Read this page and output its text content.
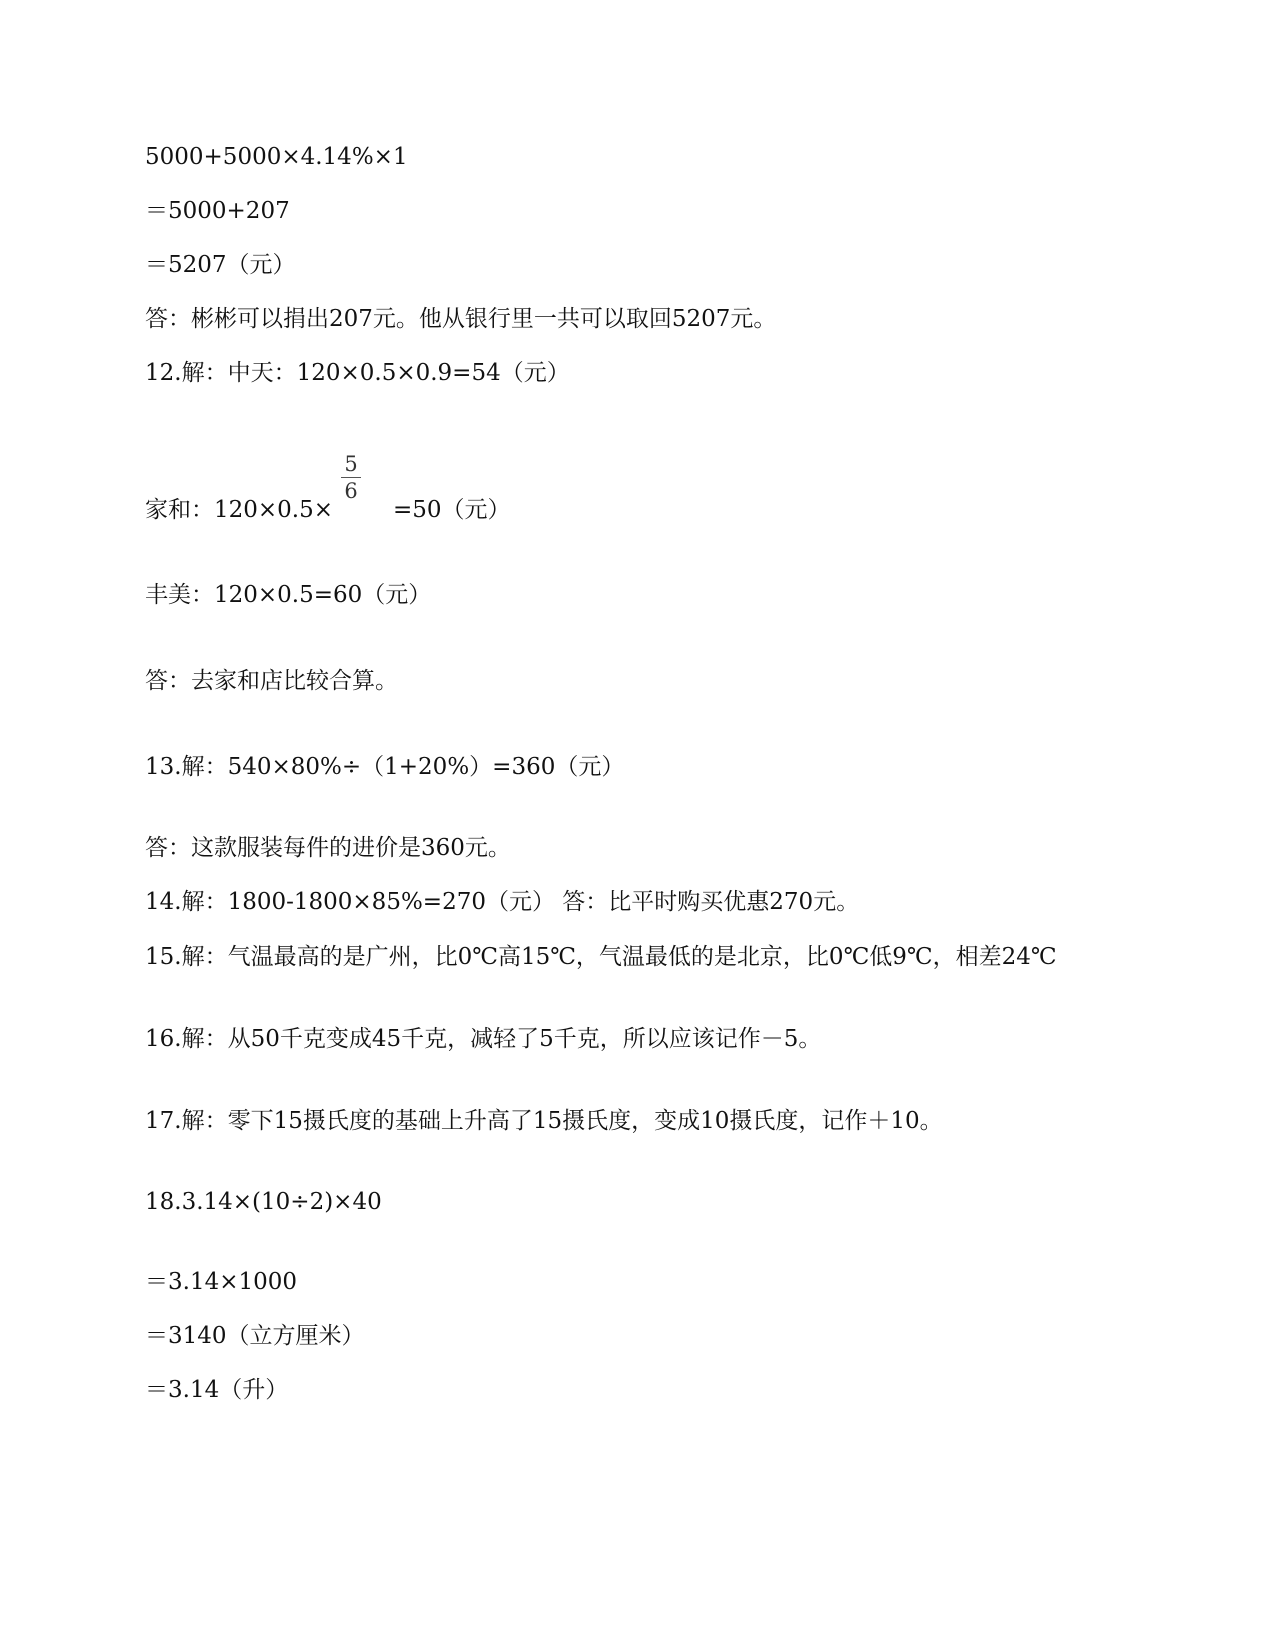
5000+5000×4.14%×1
＝5000+207
＝5207（元）
答：彬彬可以捐出207元。他从银行里一共可以取回5207元。
12.解：中天：120×0.5×0.9=54（元）
家和：120×0.5×
5
6
=50（元）
丰美：120×0.5=60（元）
答：去家和店比较合算。
13.解：540×80%÷（1+20%）=360（元）
答：这款服装每件的进价是360元。
14.解：1800-1800×85%=270（元） 答：比平时购买优惠270元。
15.解：气温最高的是广州，比0℃高15℃，气温最低的是北京，比0℃低9℃，相差24℃
16.解：从50千克变成45千克，减轻了5千克，所以应该记作－5。
17.解：零下15摄氏度的基础上升高了15摄氏度，变成10摄氏度，记作＋10。
18.3.14×(10÷2)×40
＝3.14×1000
＝3140（立方厘米）
＝3.14（升）
